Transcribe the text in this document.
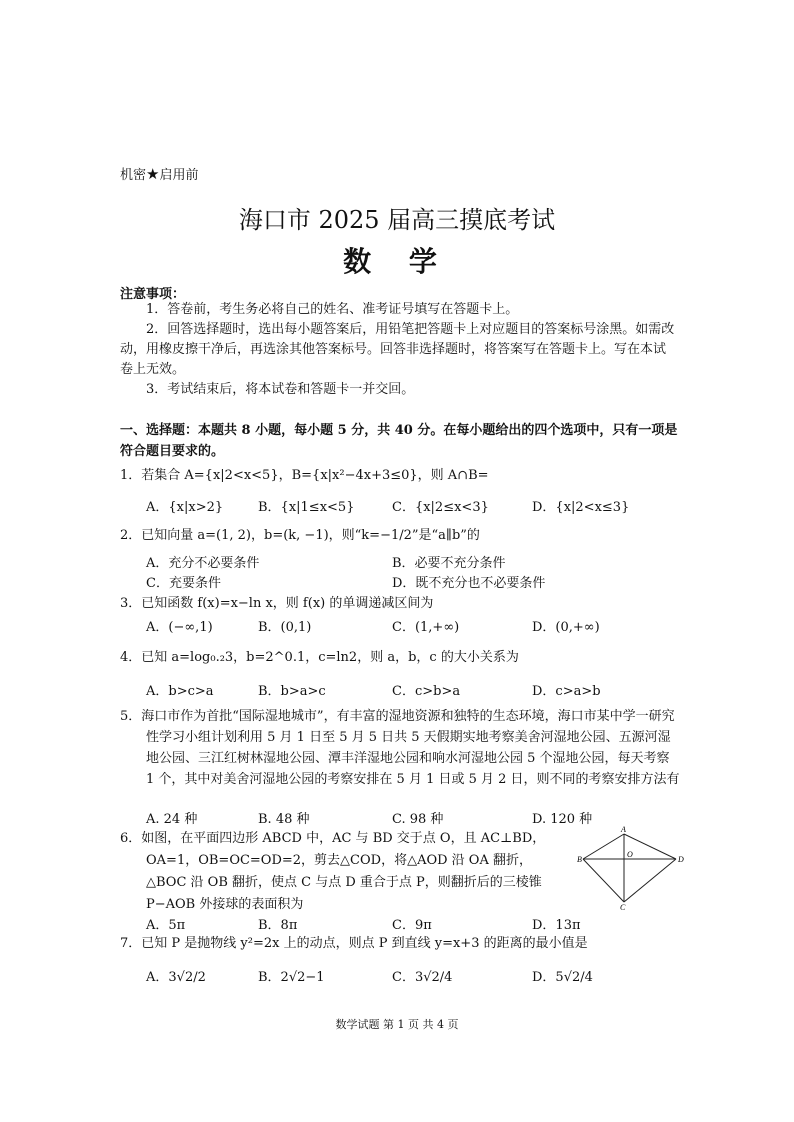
机密★启用前
海口市 2025 届高三摸底考试
数 学
注意事项：
1．答卷前，考生务必将自己的姓名、准考证号填写在答题卡上。
2．回答选择题时，选出每小题答案后，用铅笔把答题卡上对应题目的答案标号涂黑。如需改动，用橡皮擦干净后，再选涂其他答案标号。回答非选择题时，将答案写在答题卡上。写在本试卷上无效。
3．考试结束后，将本试卷和答题卡一并交回。
一、选择题：本题共 8 小题，每小题 5 分，共 40 分。在每小题给出的四个选项中，只有一项是符合题目要求的。
1．若集合 A={x|2<x<5}，B={x|x²−4x+3≤0}，则 A∩B=
A．{x|x>2}	B．{x|1≤x<5}	C．{x|2≤x<3}	D．{x|2<x≤3}
2．已知向量 a=(1, 2)，b=(k, −1)，则“k=−1/2”是“a∥b”的
A．充分不必要条件	B．必要不充分条件
C．充要条件	D．既不充分也不必要条件
3．已知函数 f(x)=x−ln x，则 f(x) 的单调递减区间为
A．(−∞,1)	B．(0,1)	C．(1,+∞)	D．(0,+∞)
4．已知 a=log₀.₂3，b=2^0.1，c=ln2，则 a，b，c 的大小关系为
A．b>c>a	B．b>a>c	C．c>b>a	D．c>a>b
5．海口市作为首批“国际湿地城市”，有丰富的湿地资源和独特的生态环境，海口市某中学一研究性学习小组计划利用 5 月 1 日至 5 月 5 日共 5 天假期实地考察美舍河湿地公园、五源河湿地公园、三江红树林湿地公园、潭丰洋湿地公园和响水河湿地公园 5 个湿地公园，每天考察 1 个，其中对美舍河湿地公园的考察安排在 5 月 1 日或 5 月 2 日，则不同的考察安排方法有
A. 24 种	B. 48 种	C. 98 种	D. 120 种
6．如图，在平面四边形 ABCD 中，AC 与 BD 交于点 O，且 AC⊥BD，OA=1，OB=OC=OD=2，剪去△COD，将△AOD 沿 OA 翻折，△BOC 沿 OB 翻折，使点 C 与点 D 重合于点 P，则翻折后的三棱锥 P−AOB 外接球的表面积为
A
B
O
D
C
A．5π	B．8π	C．9π	D．13π
7．已知 P 是抛物线 y²=2x 上的动点，则点 P 到直线 y=x+3 的距离的最小值是
A．3√2/2	B．2√2−1	C．3√2/4	D．5√2/4
数学试题 第 1 页 共 4 页
